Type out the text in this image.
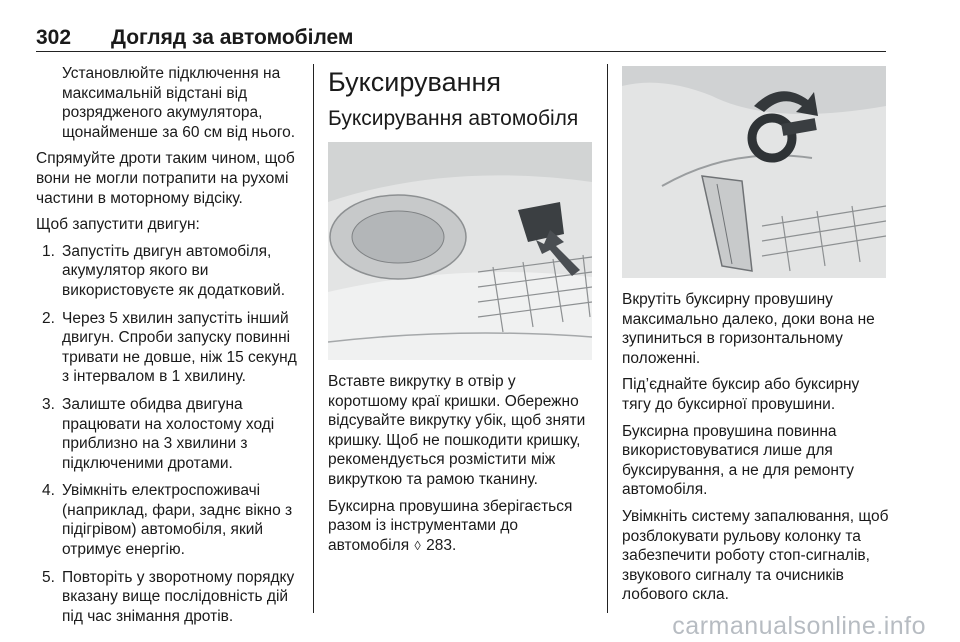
302 Догляд за автомобілем

Установлюйте підключення на максимальній відстані від розрядженого акумулятора, щонайменше за 60 см від нього.

Спрямуйте дроти таким чином, щоб вони не могли потрапити на рухомі частини в моторному відсіку.

Щоб запустити двигун:

1. Запустіть двигун автомобіля, акумулятор якого ви використовуєте як додатковий.
2. Через 5 хвилин запустіть інший двигун. Спроби запуску повинні тривати не довше, ніж 15 секунд з інтервалом в 1 хвилину.
3. Залиште обидва двигуна працювати на холостому ході приблизно на 3 хвилини з підключеними дротами.
4. Увімкніть електроспоживачі (наприклад, фари, заднє вікно з підігрівом) автомобіля, який отримує енергію.
5. Повторіть у зворотному порядку вказану вище послідовність дій під час знімання дротів.
Буксирування
Буксирування автомобіля

Вставте викрутку в отвір у коротшому краї кришки. Обережно відсувайте викрутку убік, щоб зняти кришку. Щоб не пошкодити кришку, рекомендується розмістити між викруткою та рамою тканину.

Буксирна провушина зберігається разом із інструментами до автомобіля ◊ 283.

Вкрутіть буксирну провушину максимально далеко, доки вона не зупиниться в горизонтальному положенні.

Під’єднайте буксир або буксирну тягу до буксирної провушини.

Буксирна провушина повинна використовуватися лише для буксирування, а не для ремонту автомобіля.

Увімкніть систему запалювання, щоб розблокувати рульову колонку та забезпечити роботу стоп-сигналів, звукового сигналу та очисників лобового скла.

carmanualsonline.info
